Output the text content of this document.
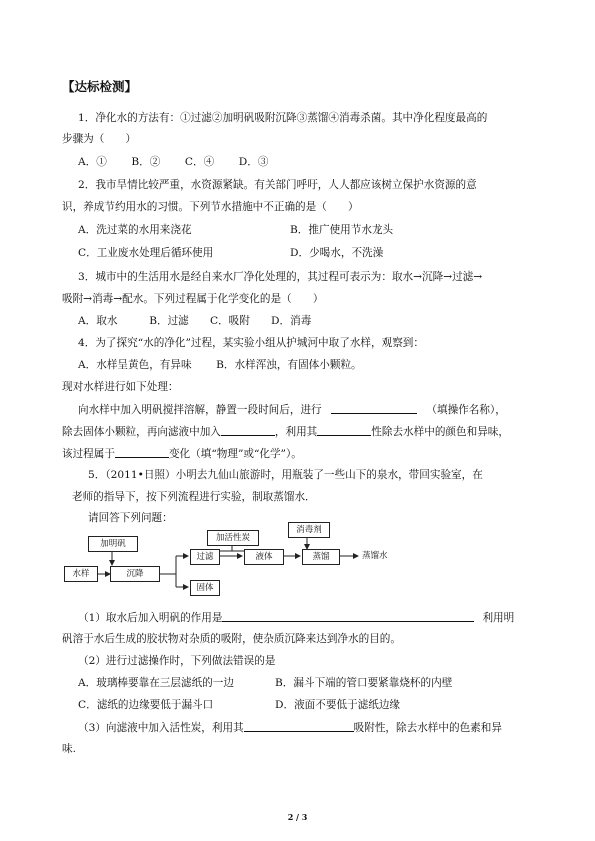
【达标检测】
1．净化水的方法有：①过滤②加明矾吸附沉降③蒸馏④消毒杀菌。其中净化程度最高的
步骤为（　　）
A．①　　 B．②　　 C．④　　 D．③
2．我市旱情比较严重，水资源紧缺。有关部门呼吁，人人都应该树立保护水资源的意
识，养成节约用水的习惯。下列节水措施中不正确的是（　　）
A．洗过菜的水用来浇花	B．推广使用节水龙头
C．工业废水处理后循环使用	D．少喝水，不洗澡
3．城市中的生活用水是经自来水厂净化处理的，其过程可表示为：取水→沉降→过滤→
吸附→消毒→配水。下列过程属于化学变化的是（　　）
A．取水　　　B．过滤　　C．吸附　　D．消毒
4．为了探究“水的净化”过程，某实验小组从护城河中取了水样，观察到：
A．水样呈黄色，有异味　　 B．水样浑浊，有固体小颗粒。
现对水样进行如下处理：
向水样中加入明矾搅拌溶解，静置一段时间后，进行	（填操作名称），
除去固体小颗粒，再向滤液中加入	，利用其	性除去水样中的颜色和异味，
该过程属于	变化（填“物理”或“化学”）。
5．（2011•日照）小明去九仙山旅游时，用瓶装了一些山下的泉水，带回实验室，在
老师的指导下，按下列流程进行实验，制取蒸馏水．
请回答下列问题：
加明矾
水样	沉降
过滤
加活性炭
固体
消毒剂
液体	蒸馏	蒸馏水
（1）取水后加入明矾的作用是	利用明
矾溶于水后生成的胶状物对杂质的吸附，使杂质沉降来达到净水的目的。
（2）进行过滤操作时，下列做法错误的是
A．玻璃棒要靠在三层滤纸的一边	B．漏斗下端的管口要紧靠烧杯的内壁
C．滤纸的边缘要低于漏斗口	D．液面不要低于滤纸边缘
（3）向滤液中加入活性炭，利用其	吸附性，除去水样中的色素和异
味.
2 / 3
